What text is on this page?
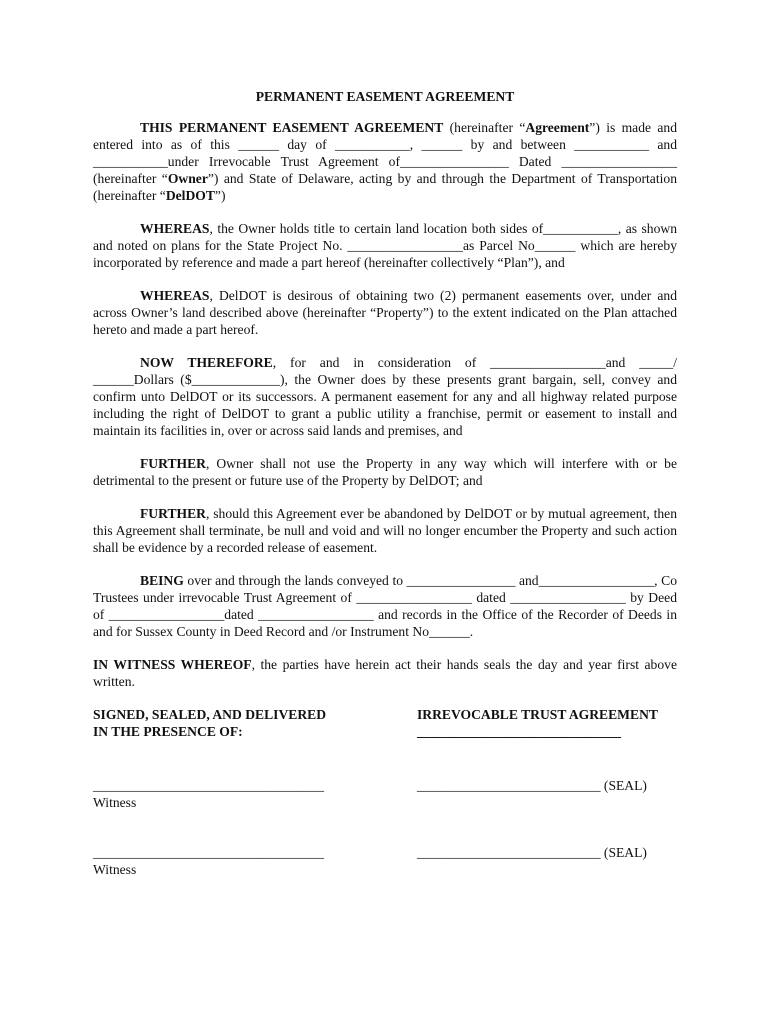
PERMANENT EASEMENT AGREEMENT

THIS PERMANENT EASEMENT AGREEMENT (hereinafter “Agreement”) is made and entered into as of this ______ day of ___________, ______ by and between ___________ and ___________under Irrevocable Trust Agreement of________________ Dated _________________ (hereinafter “Owner”) and State of Delaware, acting by and through the Department of Transportation (hereinafter “DelDOT”)

WHEREAS, the Owner holds title to certain land location both sides of___________, as shown and noted on plans for the State Project No. _________________as Parcel No______ which are hereby incorporated by reference and made a part hereof (hereinafter collectively “Plan”), and

WHEREAS, DelDOT is desirous of obtaining two (2) permanent easements over, under and across Owner’s land described above (hereinafter “Property”) to the extent indicated on the Plan attached hereto and made a part hereof.

NOW THEREFORE, for and in consideration of _________________and _____/ ______Dollars ($_____________), the Owner does by these presents grant bargain, sell, convey and confirm unto DelDOT or its successors. A permanent easement for any and all highway related purpose including the right of DelDOT to grant a public utility a franchise, permit or easement to install and maintain its facilities in, over or across said lands and premises, and

FURTHER, Owner shall not use the Property in any way which will interfere with or be detrimental to the present or future use of the Property by DelDOT; and

FURTHER, should this Agreement ever be abandoned by DelDOT or by mutual agreement, then this Agreement shall terminate, be null and void and will no longer encumber the Property and such action shall be evidence by a recorded release of easement.

BEING over and through the lands conveyed to ________________ and_________________, Co Trustees under irrevocable Trust Agreement of _________________ dated _________________ by Deed of _________________dated _________________ and records in the Office of the Recorder of Deeds in and for Sussex County in Deed Record and /or Instrument No______.

IN WITNESS WHEREOF, the parties have herein act their hands seals the day and year first above written.

SIGNED, SEALED, AND DELIVERED
IN THE PRESENCE OF:
IRREVOCABLE TRUST AGREEMENT
______________________________
__________________________________
Witness
___________________________ (SEAL)
__________________________________
Witness
___________________________ (SEAL)
